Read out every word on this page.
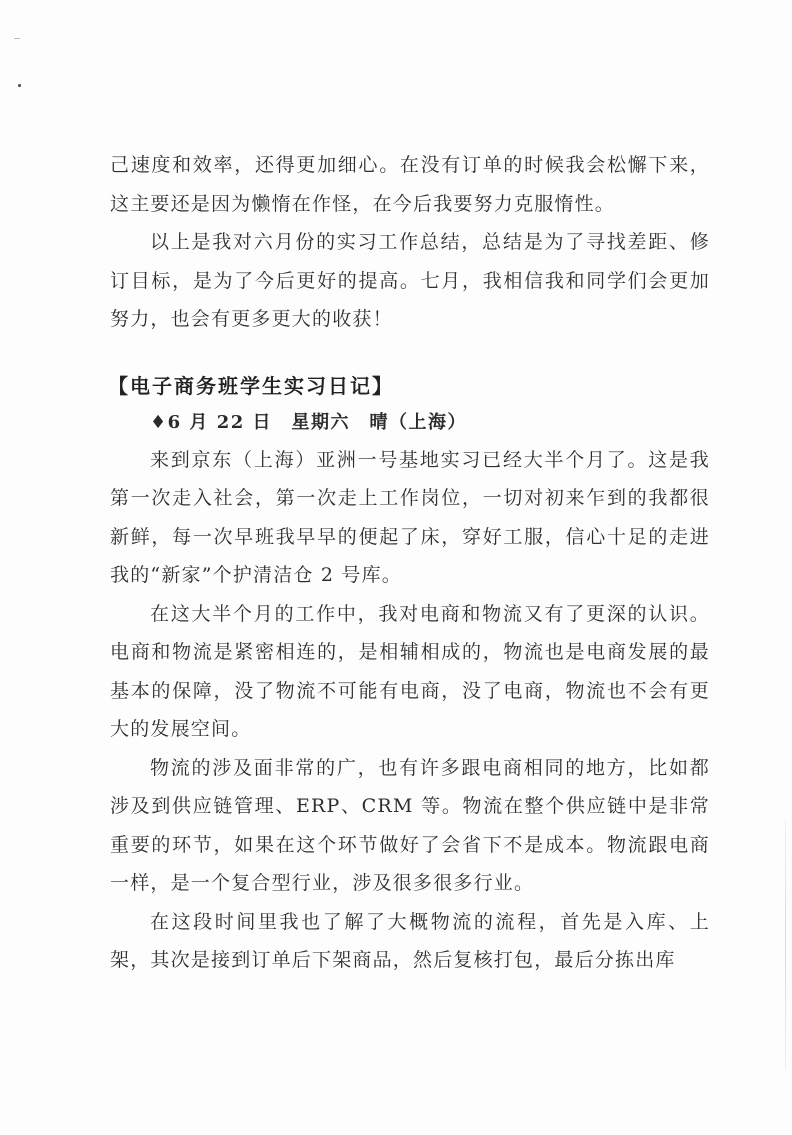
己速度和效率，还得更加细心。在没有订单的时候我会松懈下来，这主要还是因为懒惰在作怪，在今后我要努力克服惰性。

以上是我对六月份的实习工作总结，总结是为了寻找差距、修订目标，是为了今后更好的提高。七月，我相信我和同学们会更加努力，也会有更多更大的收获！

【电子商务班学生实习日记】

♦6 月 22 日　星期六　晴（上海）

来到京东（上海）亚洲一号基地实习已经大半个月了。这是我第一次走入社会，第一次走上工作岗位，一切对初来乍到的我都很新鲜，每一次早班我早早的便起了床，穿好工服，信心十足的走进我的“新家”个护清洁仓 2 号库。

在这大半个月的工作中，我对电商和物流又有了更深的认识。电商和物流是紧密相连的，是相辅相成的，物流也是电商发展的最基本的保障，没了物流不可能有电商，没了电商，物流也不会有更大的发展空间。

物流的涉及面非常的广，也有许多跟电商相同的地方，比如都涉及到供应链管理、ERP、CRM 等。物流在整个供应链中是非常重要的环节，如果在这个环节做好了会省下不是成本。物流跟电商一样，是一个复合型行业，涉及很多很多行业。

在这段时间里我也了解了大概物流的流程，首先是入库、上架，其次是接到订单后下架商品，然后复核打包，最后分拣出库
